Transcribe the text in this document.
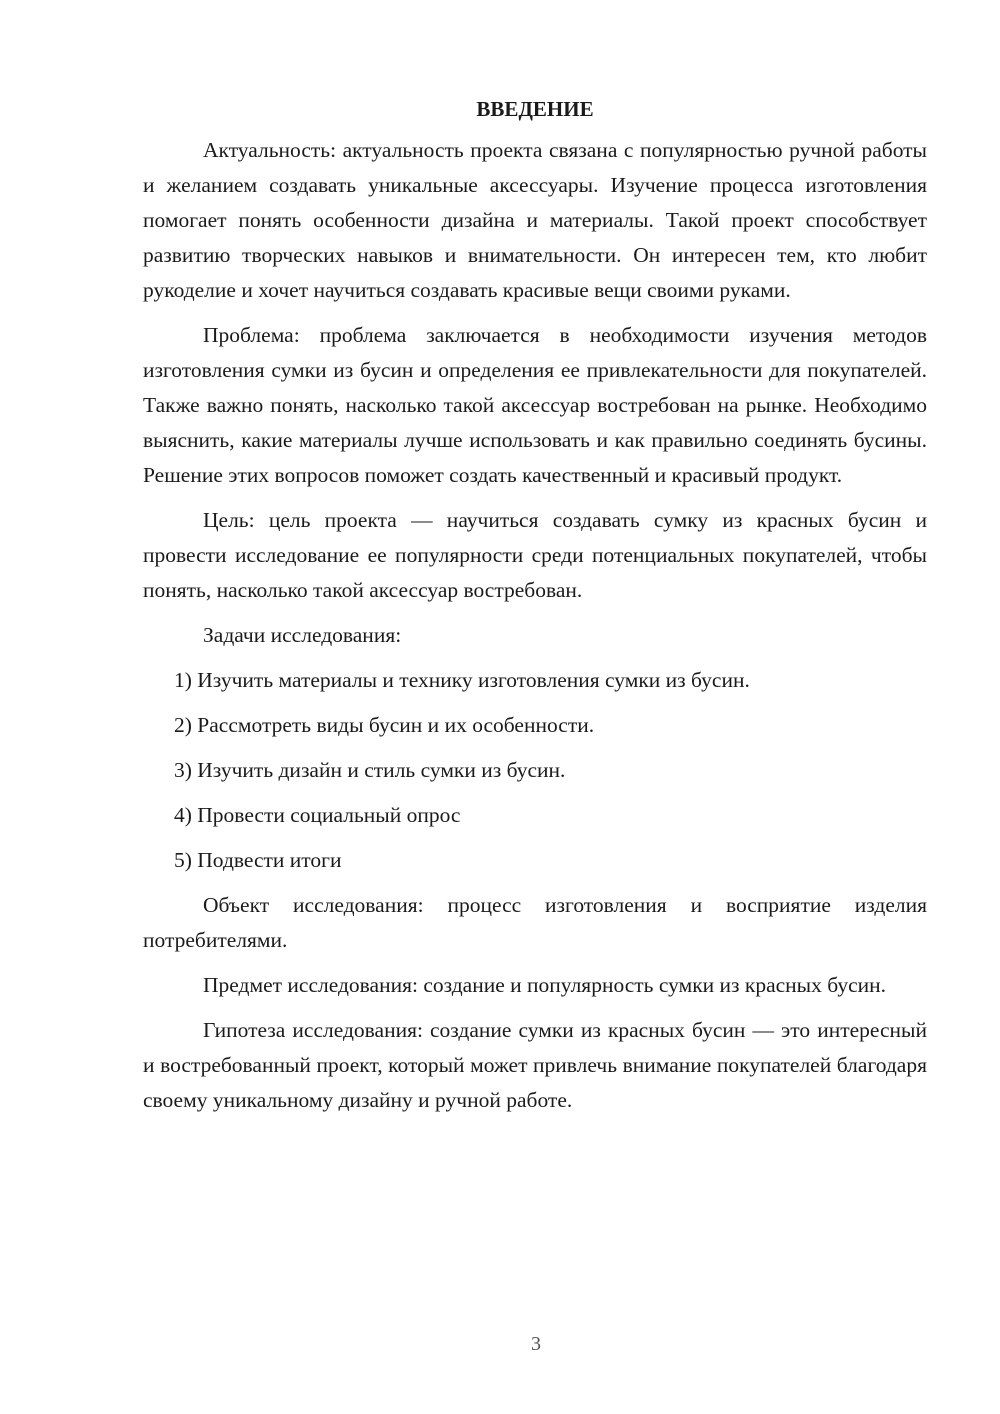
ВВЕДЕНИЕ

Актуальность: актуальность проекта связана с популярностью ручной работы и желанием создавать уникальные аксессуары. Изучение процесса изготовления помогает понять особенности дизайна и материалы. Такой проект способствует развитию творческих навыков и внимательности. Он интересен тем, кто любит рукоделие и хочет научиться создавать красивые вещи своими руками.

Проблема: проблема заключается в необходимости изучения методов изготовления сумки из бусин и определения ее привлекательности для покупателей. Также важно понять, насколько такой аксессуар востребован на рынке. Необходимо выяснить, какие материалы лучше использовать и как правильно соединять бусины. Решение этих вопросов поможет создать качественный и красивый продукт.

Цель: цель проекта — научиться создавать сумку из красных бусин и провести исследование ее популярности среди потенциальных покупателей, чтобы понять, насколько такой аксессуар востребован.

Задачи исследования:

1) Изучить материалы и технику изготовления сумки из бусин.

2) Рассмотреть виды бусин и их особенности.

3) Изучить дизайн и стиль сумки из бусин.

4) Провести социальный опрос

5) Подвести итоги

Объект исследования: процесс изготовления и восприятие изделия потребителями.

Предмет исследования: создание и популярность сумки из красных бусин.

Гипотеза исследования: создание сумки из красных бусин — это интересный и востребованный проект, который может привлечь внимание покупателей благодаря своему уникальному дизайну и ручной работе.

3
